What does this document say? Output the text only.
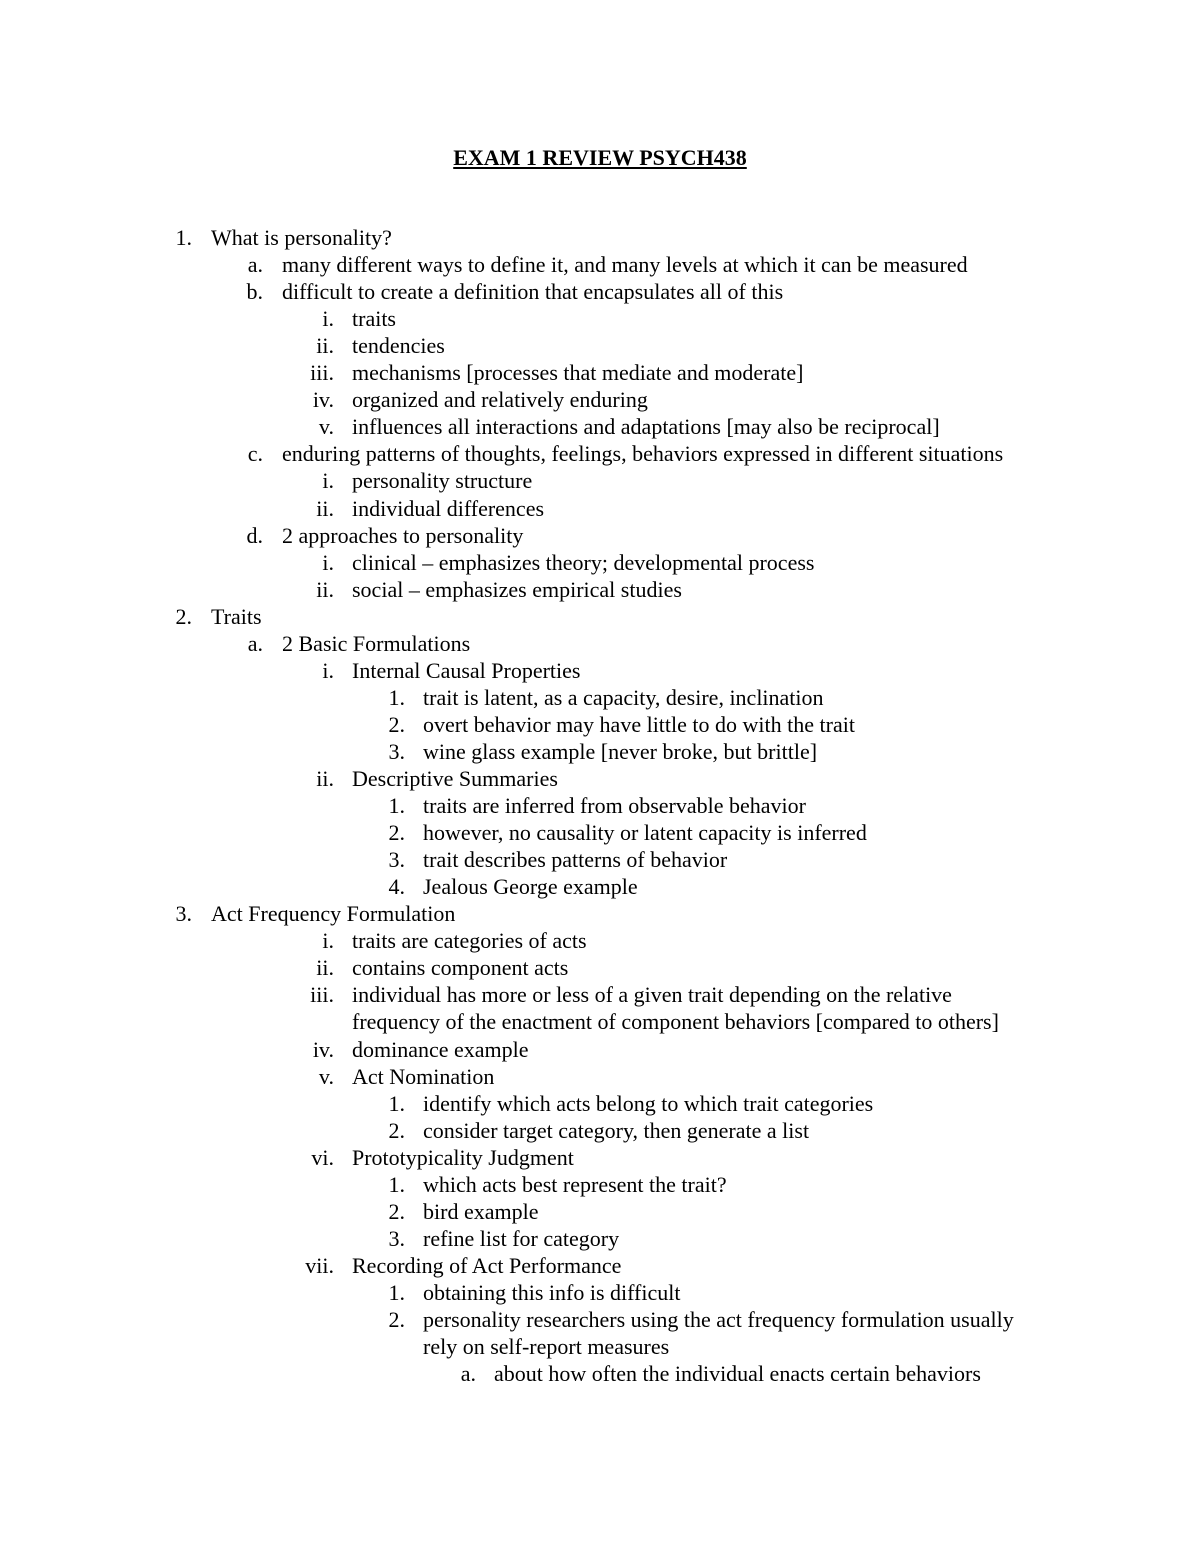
EXAM 1 REVIEW PSYCH438
1. What is personality?
a. many different ways to define it, and many levels at which it can be measured
b. difficult to create a definition that encapsulates all of this
i. traits
ii. tendencies
iii. mechanisms [processes that mediate and moderate]
iv. organized and relatively enduring
v. influences all interactions and adaptations [may also be reciprocal]
c. enduring patterns of thoughts, feelings, behaviors expressed in different situations
i. personality structure
ii. individual differences
d. 2 approaches to personality
i. clinical – emphasizes theory; developmental process
ii. social – emphasizes empirical studies
2. Traits
a. 2 Basic Formulations
i. Internal Causal Properties
1. trait is latent, as a capacity, desire, inclination
2. overt behavior may have little to do with the trait
3. wine glass example [never broke, but brittle]
ii. Descriptive Summaries
1. traits are inferred from observable behavior
2. however, no causality or latent capacity is inferred
3. trait describes patterns of behavior
4. Jealous George example
3. Act Frequency Formulation
i. traits are categories of acts
ii. contains component acts
iii. individual has more or less of a given trait depending on the relative
frequency of the enactment of component behaviors [compared to others]
iv. dominance example
v. Act Nomination
1. identify which acts belong to which trait categories
2. consider target category, then generate a list
vi. Prototypicality Judgment
1. which acts best represent the trait?
2. bird example
3. refine list for category
vii. Recording of Act Performance
1. obtaining this info is difficult
2. personality researchers using the act frequency formulation usually
rely on self-report measures
a. about how often the individual enacts certain behaviors
